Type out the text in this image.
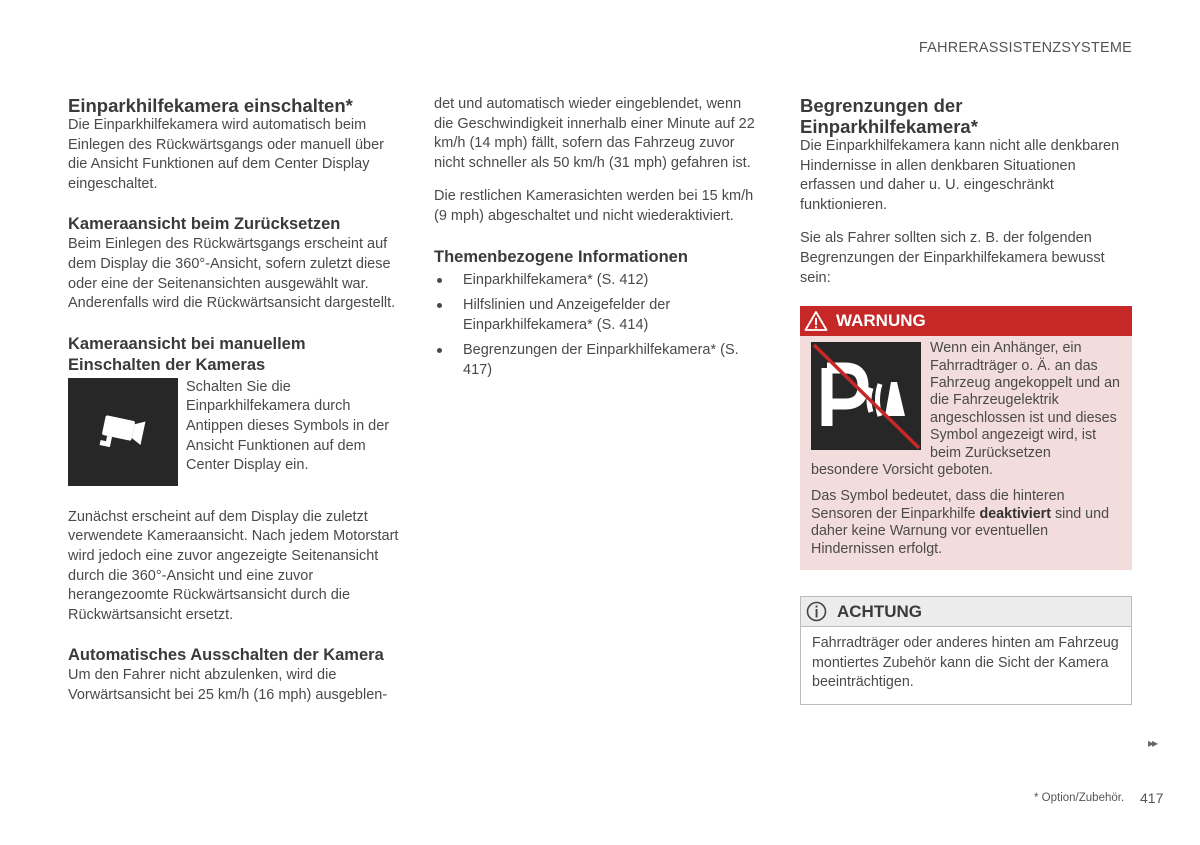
FAHRERASSISTENZSYSTEME
Einparkhilfekamera einschalten*

Die Einparkhilfekamera wird automatisch beim Einlegen des Rückwärtsgangs oder manuell über die Ansicht Funktionen auf dem Center Display eingeschaltet.

Kameraansicht beim Zurücksetzen

Beim Einlegen des Rückwärtsgangs erscheint auf dem Display die 360°-Ansicht, sofern zuletzt diese oder eine der Seitenansichten ausgewählt war. Anderenfalls wird die Rückwärtsansicht dargestellt.

Kameraansicht bei manuellem Einschalten der Kameras

Schalten Sie die Einparkhilfekamera durch Antippen dieses Symbols in der Ansicht Funktionen auf dem Center Display ein.

Zunächst erscheint auf dem Display die zuletzt verwendete Kameraansicht. Nach jedem Motorstart wird jedoch eine zuvor angezeigte Seitenansicht durch die 360°-Ansicht und eine zuvor herangezoomte Rückwärtsansicht durch die Rückwärtsansicht ersetzt.

Automatisches Ausschalten der Kamera

Um den Fahrer nicht abzulenken, wird die Vorwärtsansicht bei 25 km/h (16 mph) ausgeblen-

det und automatisch wieder eingeblendet, wenn die Geschwindigkeit innerhalb einer Minute auf 22 km/h (14 mph) fällt, sofern das Fahrzeug zuvor nicht schneller als 50 km/h (31 mph) gefahren ist.

Die restlichen Kamerasichten werden bei 15 km/h (9 mph) abgeschaltet und nicht wiederaktiviert.

Themenbezogene Informationen
Einparkhilfekamera* (S. 412)
Hilfslinien und Anzeigefelder der Einparkhilfekamera* (S. 414)
Begrenzungen der Einparkhilfekamera* (S. 417)
Begrenzungen der Einparkhilfekamera*

Die Einparkhilfekamera kann nicht alle denkbaren Hindernisse in allen denkbaren Situationen erfassen und daher u. U. eingeschränkt funktionieren.

Sie als Fahrer sollten sich z. B. der folgenden Begrenzungen der Einparkhilfekamera bewusst sein:

WARNUNG

Wenn ein Anhänger, ein Fahrradträger o. Ä. an das Fahrzeug angekoppelt und an die Fahrzeugelektrik angeschlossen ist und dieses Symbol angezeigt wird, ist beim Zurücksetzen besondere Vorsicht geboten.

Das Symbol bedeutet, dass die hinteren Sensoren der Einparkhilfe deaktiviert sind und daher keine Warnung vor eventuellen Hindernissen erfolgt.

ACHTUNG

Fahrradträger oder anderes hinten am Fahrzeug montiertes Zubehör kann die Sicht der Kamera beeinträchtigen.

▸▸
* Option/Zubehör. 417
